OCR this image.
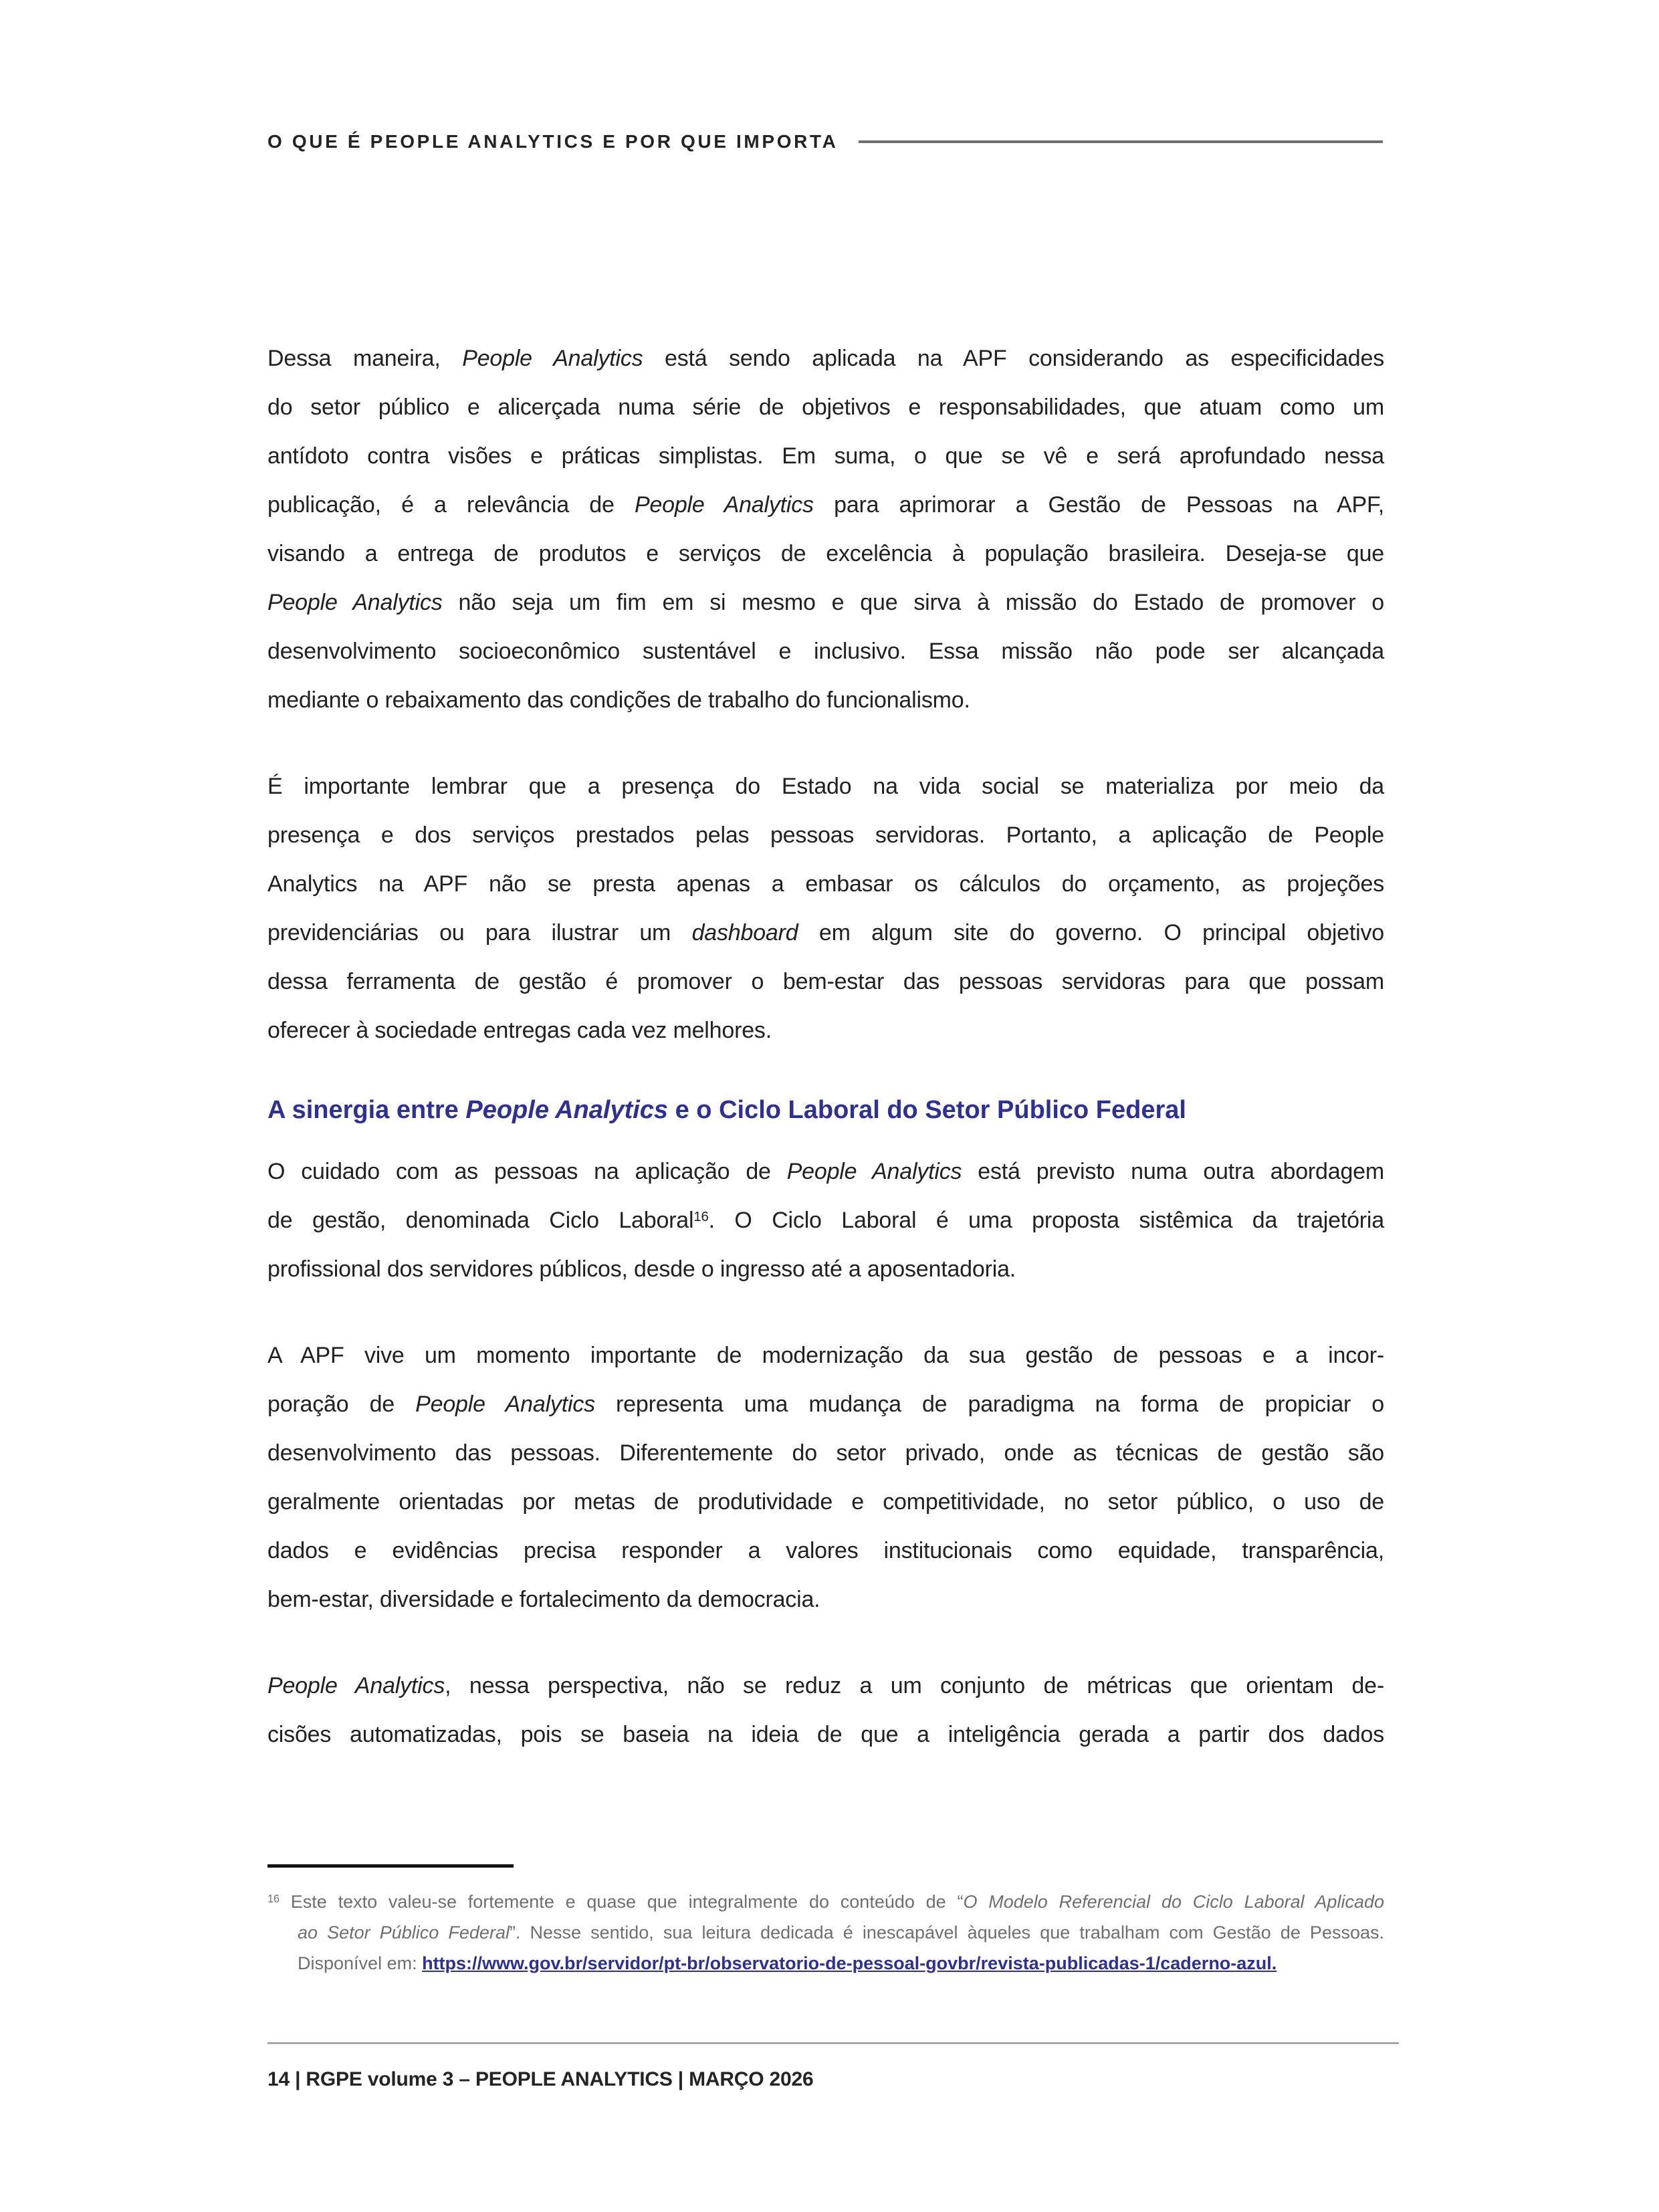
O QUE É PEOPLE ANALYTICS E POR QUE IMPORTA
Dessa maneira, People Analytics está sendo aplicada na APF considerando as especificidades
do setor público e alicerçada numa série de objetivos e responsabilidades, que atuam como um
antídoto contra visões e práticas simplistas. Em suma, o que se vê e será aprofundado nessa
publicação, é a relevância de People Analytics para aprimorar a Gestão de Pessoas na APF,
visando a entrega de produtos e serviços de excelência à população brasileira. Deseja-se que
People Analytics não seja um fim em si mesmo e que sirva à missão do Estado de promover o
desenvolvimento socioeconômico sustentável e inclusivo. Essa missão não pode ser alcançada
mediante o rebaixamento das condições de trabalho do funcionalismo.
É importante lembrar que a presença do Estado na vida social se materializa por meio da
presença e dos serviços prestados pelas pessoas servidoras. Portanto, a aplicação de People
Analytics na APF não se presta apenas a embasar os cálculos do orçamento, as projeções
previdenciárias ou para ilustrar um dashboard em algum site do governo. O principal objetivo
dessa ferramenta de gestão é promover o bem-estar das pessoas servidoras para que possam
oferecer à sociedade entregas cada vez melhores.
A sinergia entre People Analytics e o Ciclo Laboral do Setor Público Federal
O cuidado com as pessoas na aplicação de People Analytics está previsto numa outra abordagem
de gestão, denominada Ciclo Laboral$^{16}$. O Ciclo Laboral é uma proposta sistêmica da trajetória
profissional dos servidores públicos, desde o ingresso até a aposentadoria.
A APF vive um momento importante de modernização da sua gestão de pessoas e a incor-
poração de People Analytics representa uma mudança de paradigma na forma de propiciar o
desenvolvimento das pessoas. Diferentemente do setor privado, onde as técnicas de gestão são
geralmente orientadas por metas de produtividade e competitividade, no setor público, o uso de
dados e evidências precisa responder a valores institucionais como equidade, transparência,
bem-estar, diversidade e fortalecimento da democracia.
People Analytics, nessa perspectiva, não se reduz a um conjunto de métricas que orientam de-
cisões automatizadas, pois se baseia na ideia de que a inteligência gerada a partir dos dados
$^{16}$ Este texto valeu-se fortemente e quase que integralmente do conteúdo de “O Modelo Referencial do Ciclo Laboral Aplicado
ao Setor Público Federal”. Nesse sentido, sua leitura dedicada é inescapável àqueles que trabalham com Gestão de Pessoas.
Disponível em: https://www.gov.br/servidor/pt-br/observatorio-de-pessoal-govbr/revista-publicadas-1/caderno-azul.
14 | RGPE volume 3 – PEOPLE ANALYTICS | MARÇO 2026
